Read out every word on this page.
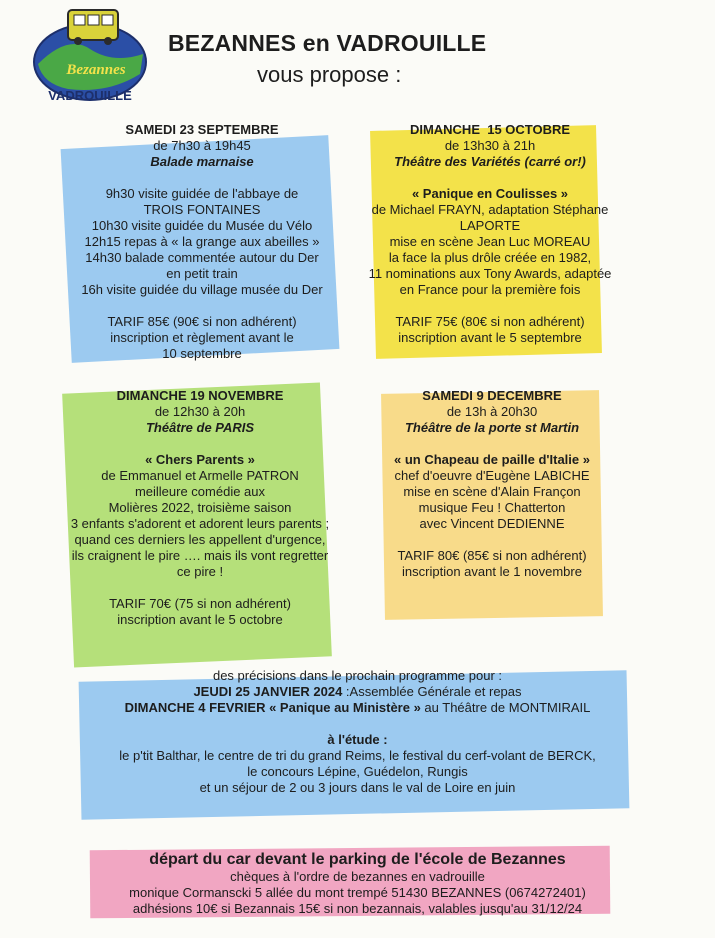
Bezannes
VADROUILLE
BEZANNES en VADROUILLE
vous propose :
SAMEDI 23 SEPTEMBRE
de 7h30 à 19h45
Balade marnaise
9h30 visite guidée de l'abbaye de
TROIS FONTAINES
10h30 visite guidée du Musée du Vélo
12h15 repas à « la grange aux abeilles »
14h30 balade commentée autour du Der
en petit train
16h visite guidée du village musée du Der
TARIF 85€ (90€ si non adhérent)
inscription et règlement avant le
10 septembre
DIMANCHE  15 OCTOBRE
de 13h30 à 21h
Théâtre des Variétés (carré or!)
« Panique en Coulisses »
de Michael FRAYN, adaptation Stéphane
LAPORTE
mise en scène Jean Luc MOREAU
la face la plus drôle créée en 1982,
11 nominations aux Tony Awards, adaptée
en France pour la première fois
TARIF 75€ (80€ si non adhérent)
inscription avant le 5 septembre
DIMANCHE 19 NOVEMBRE
de 12h30 à 20h
Théâtre de PARIS
« Chers Parents »
de Emmanuel et Armelle PATRON
meilleure comédie aux
Molières 2022, troisième saison
3 enfants s'adorent et adorent leurs parents ;
quand ces derniers les appellent d'urgence,
ils craignent le pire …. mais ils vont regretter
ce pire !
TARIF 70€ (75 si non adhérent)
inscription avant le 5 octobre
SAMEDI 9 DECEMBRE
de 13h à 20h30
Théâtre de la porte st Martin
« un Chapeau de paille d'Italie »
chef d'oeuvre d'Eugène LABICHE
mise en scène d'Alain Françon
musique Feu ! Chatterton
avec Vincent DEDIENNE
TARIF 80€ (85€ si non adhérent)
inscription avant le 1 novembre
des précisions dans le prochain programme pour :
JEUDI 25 JANVIER 2024 :Assemblée Générale et repas
DIMANCHE 4 FEVRIER « Panique au Ministère » au Théâtre de MONTMIRAIL
à l'étude :
le p'tit Balthar, le centre de tri du grand Reims, le festival du cerf-volant de BERCK,
le concours Lépine, Guédelon, Rungis
et un séjour de 2 ou 3 jours dans le val de Loire en juin
départ du car devant le parking de l'école de Bezannes
chèques à l'ordre de bezannes en vadrouille
monique Cormanscki 5 allée du mont trempé 51430 BEZANNES (0674272401)
adhésions 10€ si Bezannais 15€ si non bezannais, valables jusqu'au 31/12/24
